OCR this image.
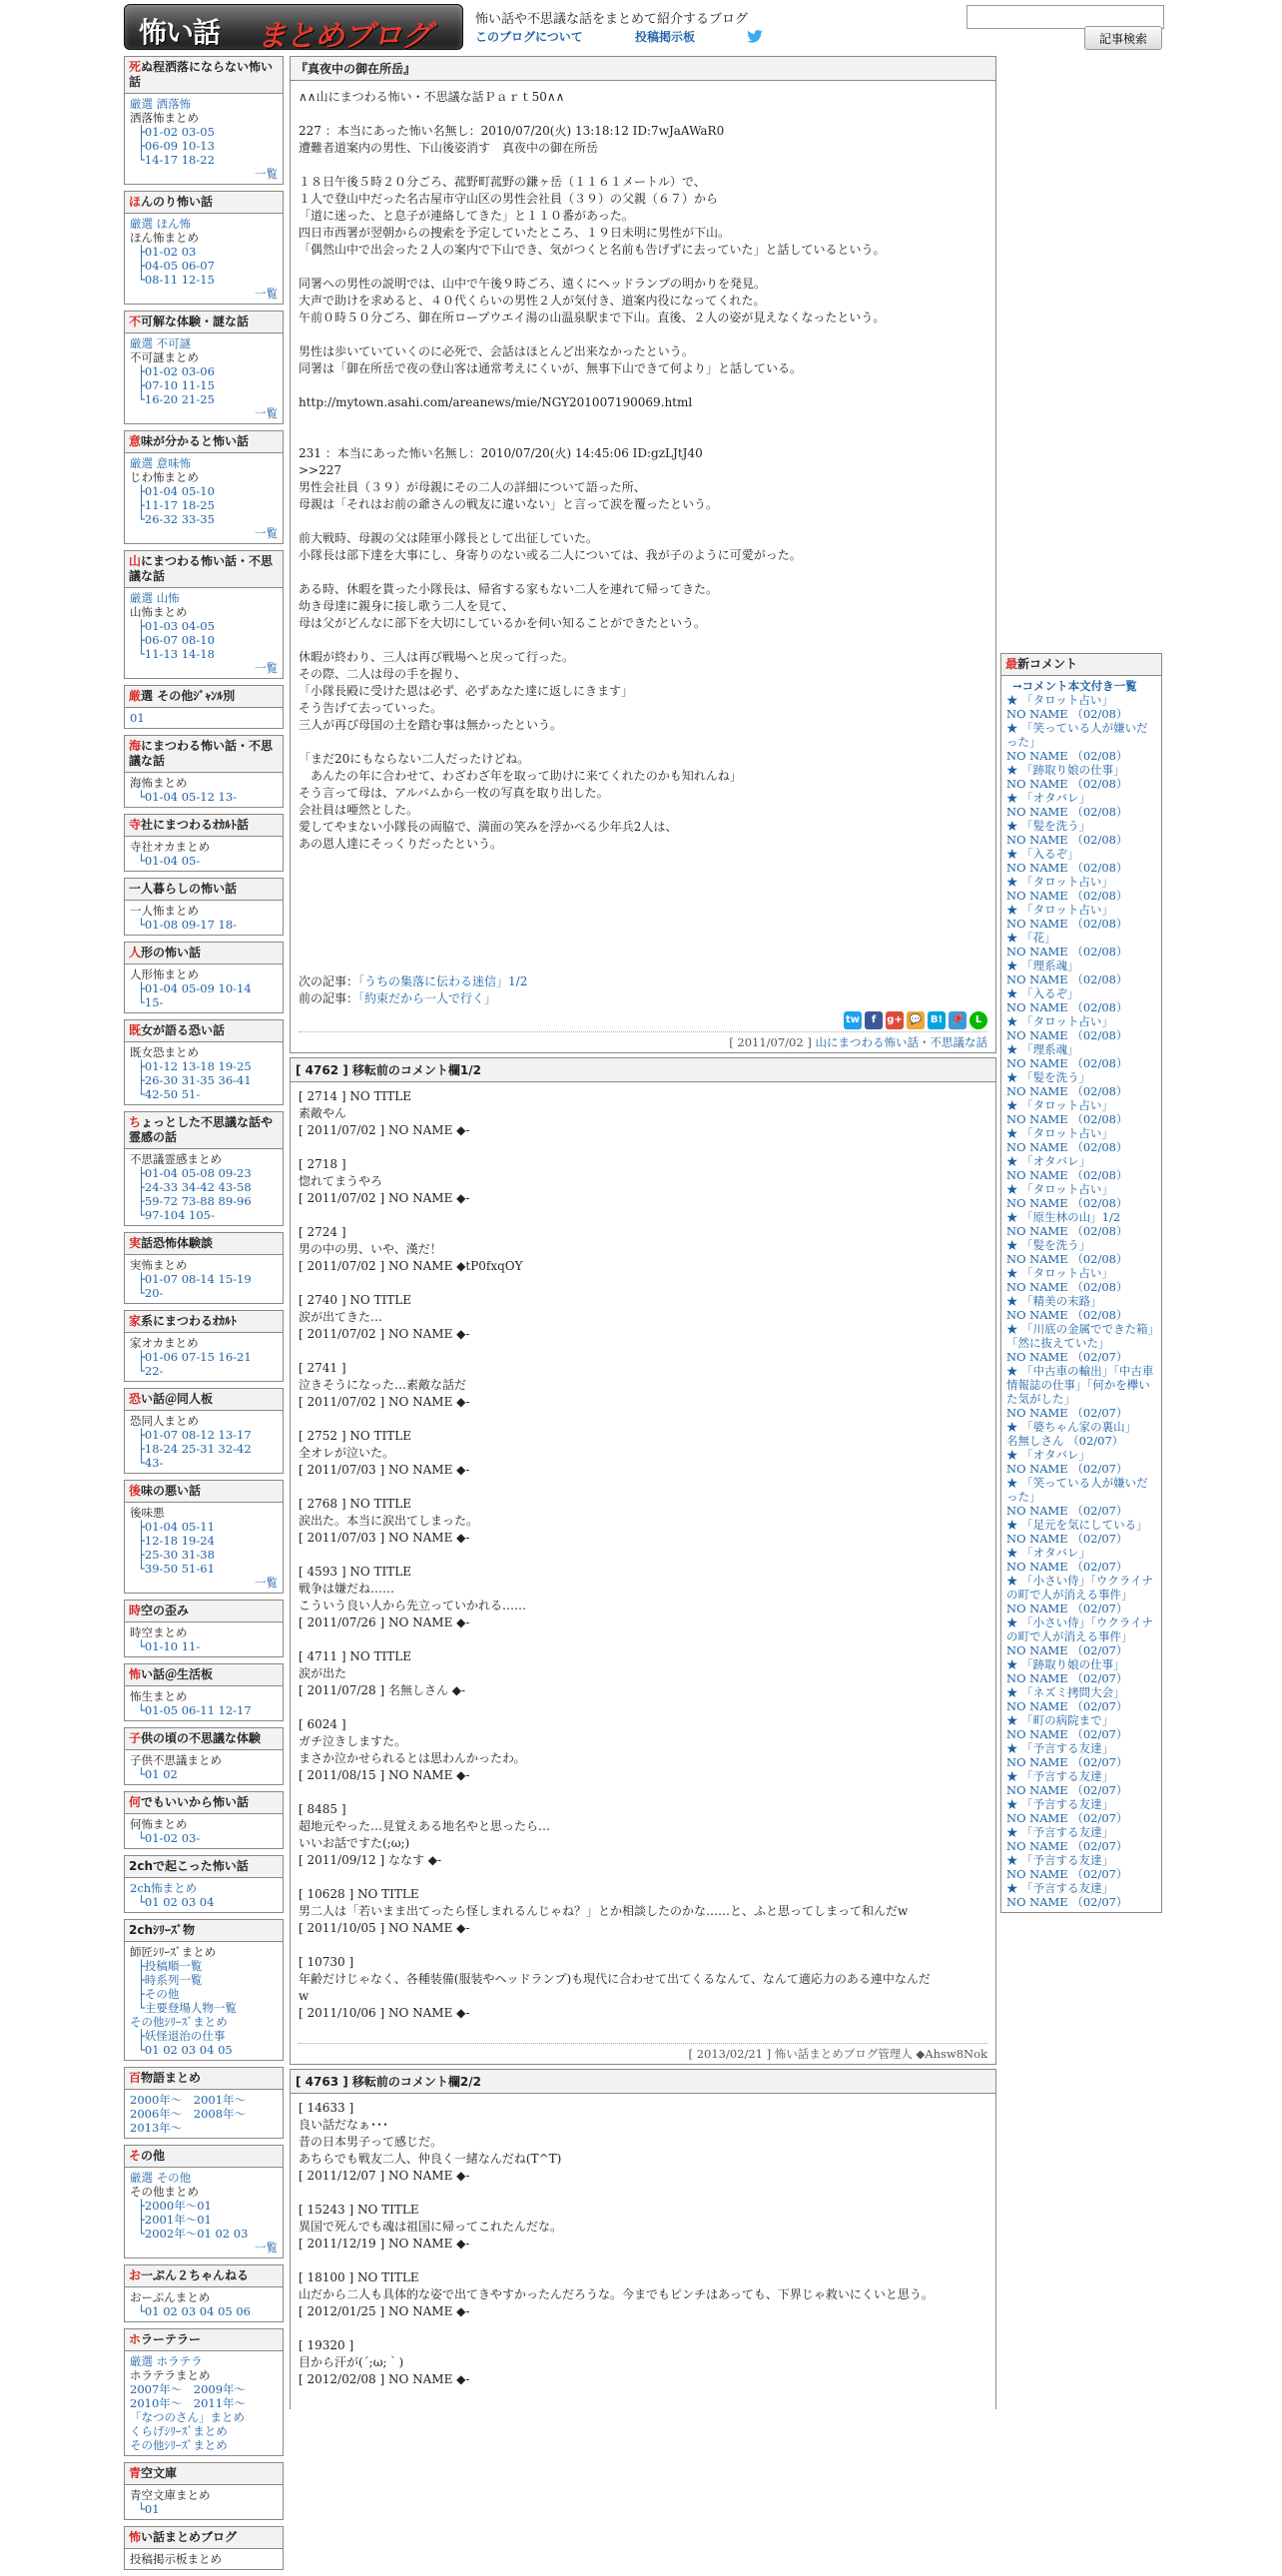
怖い話 まとめブログ	怖い話や不思議な話をまとめて紹介するブログ
このブログについて	投稿掲示板	記事検索
死ぬ程洒落にならない怖い話
厳選 洒落怖
洒落怖まとめ
├01-02 03-05
├06-09 10-13
└14-17 18-22
一覧
ほんのり怖い話
厳選 ほん怖
ほん怖まとめ
├01-02 03
├04-05 06-07
└08-11 12-15
一覧
不可解な体験・謎な話
厳選 不可謎
不可謎まとめ
├01-02 03-06
├07-10 11-15
└16-20 21-25
一覧
意味が分かると怖い話
厳選 意味怖
じわ怖まとめ
├01-04 05-10
├11-17 18-25
└26-32 33-35
一覧
山にまつわる怖い話・不思議な話
厳選 山怖
山怖まとめ
├01-03 04-05
├06-07 08-10
└11-13 14-18
一覧
厳選 その他ｼﾞｬﾝﾙ別
01
海にまつわる怖い話・不思議な話
海怖まとめ
└01-04 05-12 13-
寺社にまつわるｵｶﾙﾄ話
寺社オカまとめ
└01-04 05-
一人暮らしの怖い話
一人怖まとめ
└01-08 09-17 18-
人形の怖い話
人形怖まとめ
├01-04 05-09 10-14
└15-
既女が語る恐い話
既女恐まとめ
├01-12 13-18 19-25
├26-30 31-35 36-41
└42-50 51-
ちょっとした不思議な話や霊感の話
不思議霊感まとめ
├01-04 05-08 09-23
├24-33 34-42 43-58
├59-72 73-88 89-96
└97-104 105-
実話恐怖体験談
実怖まとめ
├01-07 08-14 15-19
└20-
家系にまつわるｵｶﾙﾄ
家オカまとめ
├01-06 07-15 16-21
└22-
恐い話＠同人板
恐同人まとめ
├01-07 08-12 13-17
├18-24 25-31 32-42
└43-
後味の悪い話
後味悪
├01-04 05-11
├12-18 19-24
├25-30 31-38
└39-50 51-61
一覧
時空の歪み
時空まとめ
└01-10 11-
怖い話＠生活板
怖生まとめ
└01-05 06-11 12-17
子供の頃の不思議な体験
子供不思議まとめ
└01 02
何でもいいから怖い話
何怖まとめ
└01-02 03-
2chで起こった怖い話
2ch怖まとめ
└01 02 03 04
2chｼﾘｰｽﾞ物
師匠ｼﾘｰｽﾞまとめ
├投稿順一覧
├時系列一覧
├その他
└主要登場人物一覧
その他ｼﾘｰｽﾞまとめ
├妖怪退治の仕事
└01 02 03 04 05
百物語まとめ
2000年～　2001年～
2006年～　2008年～
2013年～
その他
厳選 その他
その他まとめ
├2000年～01
├2001年～01
└2002年～01 02 03
一覧
お一ぷん２ちゃんねる
おーぷんまとめ
└01 02 03 04 05 06
ホラーテラー
厳選 ホラテラ
ホラテラまとめ
2007年～　2009年～
2010年～　2011年～
「なつのさん」まとめ
くらげｼﾘｰｽﾞまとめ
その他ｼﾘｰｽﾞまとめ
青空文庫
青空文庫まとめ
└01
怖い話まとめブログ
投稿掲示板まとめ
『真夜中の御在所岳』
∧∧山にまつわる怖い・不思議な話Ｐａｒｔ50∧∧

227 ：本当にあった怖い名無し：2010/07/20(火) 13:18:12 ID:7wJaAWaR0
遭難者道案内の男性、下山後姿消す　真夜中の御在所岳

１８日午後５時２０分ごろ、菰野町菰野の鎌ヶ岳（１１６１メートル）で、
１人で登山中だった名古屋市守山区の男性会社員（３９）の父親（６７）から
「道に迷った、と息子が連絡してきた」と１１０番があった。
四日市西署が翌朝からの捜索を予定していたところ、１９日未明に男性が下山。
「偶然山中で出会った２人の案内で下山でき、気がつくと名前も告げずに去っていた」と話しているという。

同署への男性の説明では、山中で午後９時ごろ、遠くにヘッドランプの明かりを発見。
大声で助けを求めると、４０代くらいの男性２人が気付き、道案内役になってくれた。
午前０時５０分ごろ、御在所ロープウエイ湯の山温泉駅まで下山。直後、２人の姿が見えなくなったという。

男性は歩いていていくのに必死で、会話はほとんど出来なかったという。
同署は「御在所岳で夜の登山客は通常考えにくいが、無事下山できて何より」と話している。

http://mytown.asahi.com/areanews/mie/NGY201007190069.html

231 ：本当にあった怖い名無し：2010/07/20(火) 14:45:06 ID:gzLJtJ40
>>227
男性会社員（３９）が母親にその二人の詳細について語った所、
母親は「それはお前の爺さんの戦友に違いない」と言って涙を覆ったという。

前大戦時、母親の父は陸軍小隊長として出征していた。
小隊長は部下達を大事にし、身寄りのない或る二人については、我が子のように可愛がった。

ある時、休暇を貰った小隊長は、帰省する家もない二人を連れて帰ってきた。
幼き母達に親身に接し歌う二人を見て、
母は父がどんなに部下を大切にしているかを伺い知ることができたという。

休暇が終わり、三人は再び戦場へと戻って行った。
その際、二人は母の手を握り、
「小隊長殿に受けた恩は必ず、必ずあなた達に返しにきます」
そう告げて去っていった。
三人が再び母国の土を踏む事は無かったという。

「まだ20にもならない二人だったけどね。
　あんたの年に合わせて、わざわざ年を取って助けに来てくれたのかも知れんね」
そう言って母は、アルバムから一枚の写真を取り出した。
会社員は唖然とした。
愛してやまない小隊長の両脇で、満面の笑みを浮かべる少年兵2人は、
あの恩人達にそっくりだったという。
次の記事：「うちの集落に伝わる迷信」1/2
前の記事：「約束だから一人で行く」
tw f g+ 💬 B! 📌 L
[ 2011/07/02 ] 山にまつわる怖い話・不思議な話
[ 4762 ] 移転前のコメント欄1/2
[ 2714 ] NO TITLE
素敵やん
[ 2011/07/02 ] NO NAME ◆-
[ 2718 ]
惚れてまうやろ
[ 2011/07/02 ] NO NAME ◆-
[ 2724 ]
男の中の男、いや、漢だ！
[ 2011/07/02 ] NO NAME ◆tP0fxqOY
[ 2740 ] NO TITLE
涙が出てきた…
[ 2011/07/02 ] NO NAME ◆-
[ 2741 ]
泣きそうになった…素敵な話だ
[ 2011/07/02 ] NO NAME ◆-
[ 2752 ] NO TITLE
全オレが泣いた。
[ 2011/07/03 ] NO NAME ◆-
[ 2768 ] NO TITLE
涙出た。本当に涙出てしまった。
[ 2011/07/03 ] NO NAME ◆-
[ 4593 ] NO TITLE
戦争は嫌だね……
こういう良い人から先立っていかれる……
[ 2011/07/26 ] NO NAME ◆-
[ 4711 ] NO TITLE
涙が出た
[ 2011/07/28 ] 名無しさん ◆-
[ 6024 ]
ガチ泣きしますた。
まさか泣かせられるとは思わんかったわ。
[ 2011/08/15 ] NO NAME ◆-
[ 8485 ]
超地元やった…見覚えある地名やと思ったら…
いいお話ですた(;ω;)
[ 2011/09/12 ] ななす ◆-
[ 10628 ] NO TITLE
男二人は「若いまま出てったら怪しまれるんじゃね？」とか相談したのかな……と、ふと思ってしまって和んだw
[ 2011/10/05 ] NO NAME ◆-
[ 10730 ]
年齢だけじゃなく、各種装備(服装やヘッドランプ)も現代に合わせて出てくるなんて、なんて適応力のある連中なんだ
w
[ 2011/10/06 ] NO NAME ◆-
[ 2013/02/21 ] 怖い話まとめブログ管理人 ◆Ahsw8Nok
[ 4763 ] 移転前のコメント欄2/2
[ 14633 ]
良い話だなぁ･･･
昔の日本男子って感じだ。
あちらでも戦友二人、仲良く一緒なんだね(T^T)
[ 2011/12/07 ] NO NAME ◆-
[ 15243 ] NO TITLE
異国で死んでも魂は祖国に帰ってこれたんだな。
[ 2011/12/19 ] NO NAME ◆-
[ 18100 ] NO TITLE
山だから二人も具体的な姿で出てきやすかったんだろうな。今までもピンチはあっても、下界じゃ救いにくいと思う。
[ 2012/01/25 ] NO NAME ◆-
[ 19320 ]
目から汗が(´;ω;｀)
[ 2012/02/08 ] NO NAME ◆-
最新コメント
→コメント本文付き一覧
★ 「タロット占い」
NO NAME （02/08）
★ 「笑っている人が嫌いだった」
NO NAME （02/08）
★ 「跡取り娘の仕事」
NO NAME （02/08）
★ 「オタバレ」
NO NAME （02/08）
★ 「髪を洗う」
NO NAME （02/08）
★ 「入るぞ」
NO NAME （02/08）
★ 「タロット占い」
NO NAME （02/08）
★ 「タロット占い」
NO NAME （02/08）
★ 「花」
NO NAME （02/08）
★ 「理系魂」
NO NAME （02/08）
★ 「入るぞ」
NO NAME （02/08）
★ 「タロット占い」
NO NAME （02/08）
★ 「理系魂」
NO NAME （02/08）
★ 「髪を洗う」
NO NAME （02/08）
★ 「タロット占い」
NO NAME （02/08）
★ 「タロット占い」
NO NAME （02/08）
★ 「オタバレ」
NO NAME （02/08）
★ 「タロット占い」
NO NAME （02/08）
★ 「原生林の山」1/2
NO NAME （02/08）
★ 「髪を洗う」
NO NAME （02/08）
★ 「タロット占い」
NO NAME （02/08）
★ 「精美の末路」
NO NAME （02/08）
★ 「川底の金属でできた箱」「然に抜えていた」
NO NAME （02/07）
★ 「中古車の輸出」「中古車情報誌の仕事」「何かを欅いた気がした」
NO NAME （02/07）
★ 「婆ちゃん家の裏山」
名無しさん （02/07）
★ 「オタバレ」
NO NAME （02/07）
★ 「笑っている人が嫌いだった」
NO NAME （02/07）
★ 「足元を気にしている」
NO NAME （02/07）
★ 「オタバレ」
NO NAME （02/07）
★ 「小さい侍」「ウクライナの町で人が消える事件」
NO NAME （02/07）
★ 「小さい侍」「ウクライナの町で人が消える事件」
NO NAME （02/07）
★ 「跡取り娘の仕事」
NO NAME （02/07）
★ 「ネズミ拷問大会」
NO NAME （02/07）
★ 「町の病院まで」
NO NAME （02/07）
★ 「予言する友達」
NO NAME （02/07）
★ 「予言する友達」
NO NAME （02/07）
★ 「予言する友達」
NO NAME （02/07）
★ 「予言する友達」
NO NAME （02/07）
★ 「予言する友達」
NO NAME （02/07）
★ 「予言する友達」
NO NAME （02/07）
